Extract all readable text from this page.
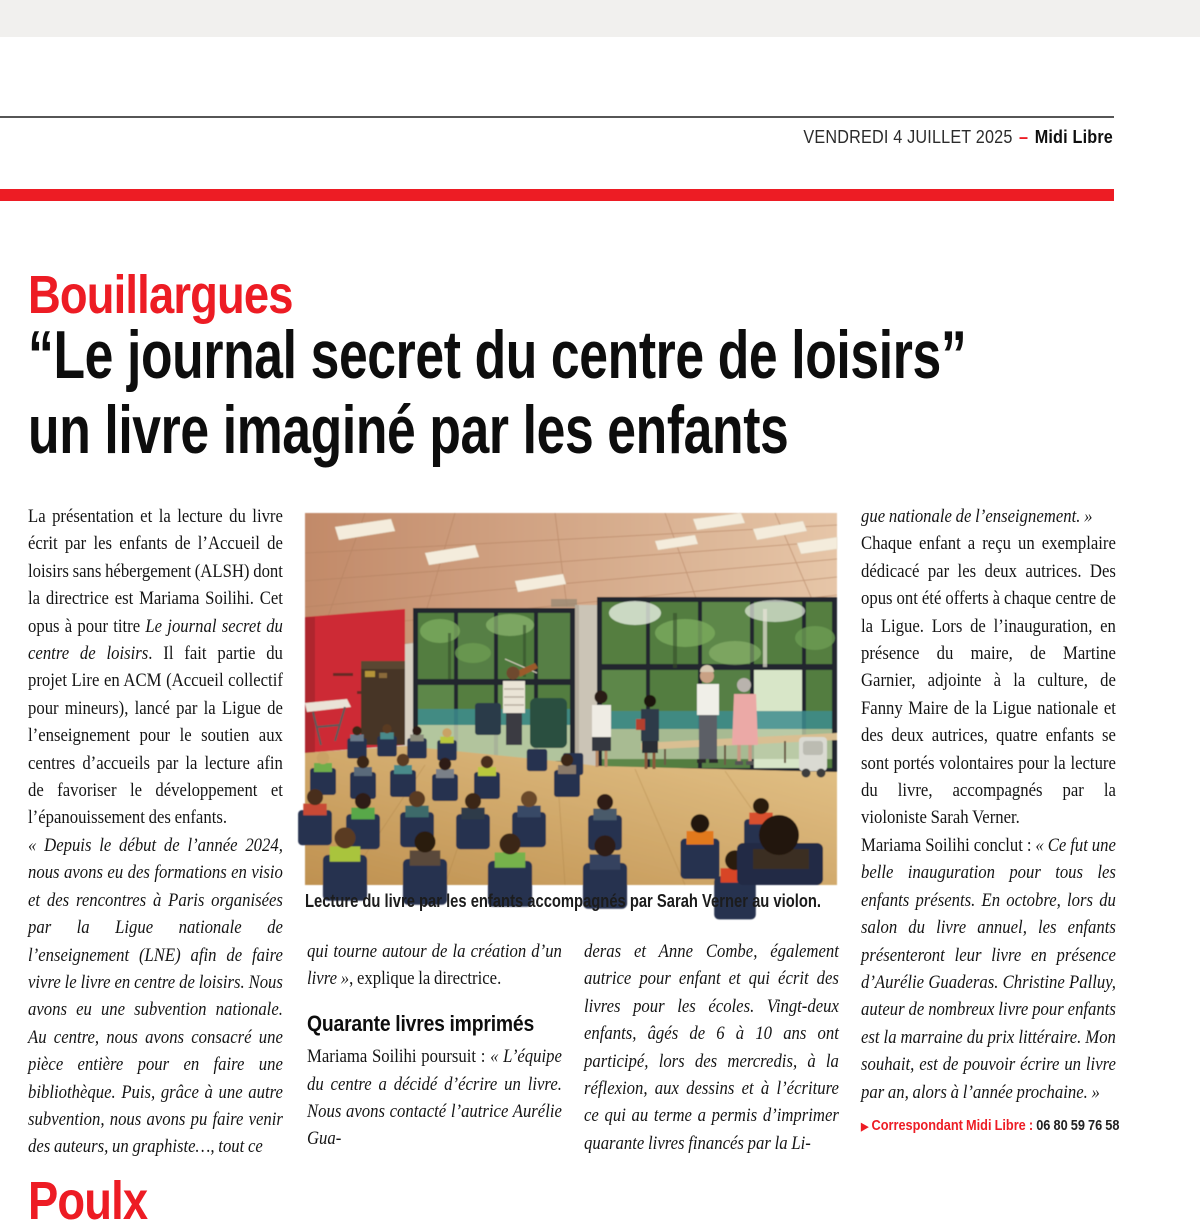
VENDREDI 4 JUILLET 2025 – Midi Libre
Bouillargues
“Le journal secret du centre de loisirs”
un livre imaginé par les enfants
La présentation et la lecture du livre écrit par les enfants de l’Accueil de loisirs sans hébergement (ALSH) dont la directrice est Mariama Soilihi. Cet opus à pour titre Le journal secret du centre de loisirs. Il fait partie du projet Lire en ACM (Accueil collectif pour mineurs), lancé par la Ligue de l’enseignement pour le soutien aux centres d’accueils par la lecture afin de favoriser le développement et l’épanouissement des enfants.
« Depuis le début de l’année 2024, nous avons eu des formations en visio et des rencontres à Paris organisées par la Ligue nationale de l’enseignement (LNE) afin de faire vivre le livre en centre de loisirs. Nous avons eu une subvention nationale. Au centre, nous avons consacré une pièce entière pour en faire une bibliothèque. Puis, grâce à une autre subvention, nous avons pu faire venir des auteurs, un graphiste…, tout ce
Lecture du livre par les enfants accompagnés par Sarah Verner au violon.
qui tourne autour de la création d’un livre », explique la directrice.
Quarante livres imprimés
Mariama Soilihi poursuit : « L’équipe du centre a décidé d’écrire un livre. Nous avons contacté l’autrice Aurélie Gua-
deras et Anne Combe, également autrice pour enfant et qui écrit des livres pour les écoles. Vingt-deux enfants, âgés de 6 à 10 ans ont participé, lors des mercredis, à la réflexion, aux dessins et à l’écriture ce qui au terme a permis d’imprimer quarante livres financés par la Li-
gue nationale de l’enseignement. »
Chaque enfant a reçu un exemplaire dédicacé par les deux autrices. Des opus ont été offerts à chaque centre de la Ligue. Lors de l’inauguration, en présence du maire, de Martine Garnier, adjointe à la culture, de Fanny Maire de la Ligue nationale et des deux autrices, quatre enfants se sont portés volontaires pour la lecture du livre, accompagnés par la violoniste Sarah Verner.
Mariama Soilihi conclut : « Ce fut une belle inauguration pour tous les enfants présents. En octobre, lors du salon du livre annuel, les enfants présenteront leur livre en présence d’Aurélie Guaderas. Christine Palluy, auteur de nombreux livre pour enfants est la marraine du prix littéraire. Mon souhait, est de pouvoir écrire un livre par an, alors à l’année prochaine. »
▶ Correspondant Midi Libre : 06 80 59 76 58
Poulx
